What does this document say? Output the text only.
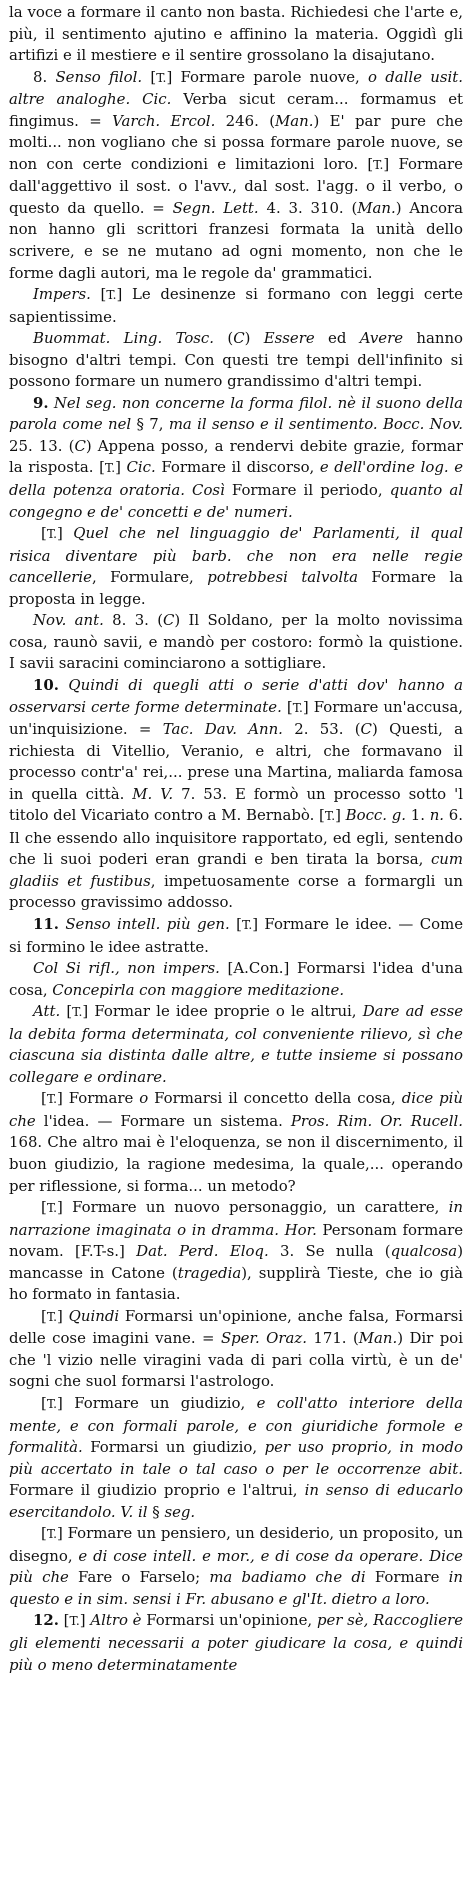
la voce a formare il canto non basta. Richiedesi che l'arte e, più, il sentimento ajutino e affinino la materia. Oggidì gli artifizi e il mestiere e il sentire grossolano la disajutano.

8. Senso filol. [T.] Formare parole nuove, o dalle usit. altre analoghe. Cic. Verba sicut ceram... formamus et fingimus. = Varch. Ercol. 246. (Man.) E' par pure che molti... non vogliano che si possa formare parole nuove, se non con certe condizioni e limitazioni loro. [T.] Formare dall'aggettivo il sost. o l'avv., dal sost. l'agg. o il verbo, o questo da quello. = Segn. Lett. 4. 3. 310. (Man.) Ancora non hanno gli scrittori franzesi formata la unità dello scrivere, e se ne mutano ad ogni momento, non che le forme dagli autori, ma le regole da' grammatici.

Impers. [T.] Le desinenze si formano con leggi certe sapientissime.

Buommat. Ling. Tosc. (C) Essere ed Avere hanno bisogno d'altri tempi. Con questi tre tempi dell'infinito si possono formare un numero grandissimo d'altri tempi.

9. Nel seg. non concerne la forma filol. nè il suono della parola come nel § 7, ma il senso e il sentimento. Bocc. Nov. 25. 13. (C) Appena posso, a rendervi debite grazie, formar la risposta. [T.] Cic. Formare il discorso, e dell'ordine log. e della potenza oratoria. Così Formare il periodo, quanto al congegno e de' concetti e de' numeri.

[T.] Quel che nel linguaggio de' Parlamenti, il qual risica diventare più barb. che non era nelle regie cancellerie, Formulare, potrebbesi talvolta Formare la proposta in legge.

Nov. ant. 8. 3. (C) Il Soldano, per la molto novissima cosa, raunò savii, e mandò per costoro: formò la quistione. I savii saracini cominciarono a sottigliare.

10. Quindi di quegli atti o serie d'atti dov' hanno a osservarsi certe forme determinate. [T.] Formare un'accusa, un'inquisizione. = Tac. Dav. Ann. 2. 53. (C) Questi, a richiesta di Vitellio, Veranio, e altri, che formavano il processo contr'a' rei,... prese una Martina, maliarda famosa in quella città. M. V. 7. 53. E formò un processo sotto 'l titolo del Vicariato contro a M. Bernabò. [T.] Bocc. g. 1. n. 6. Il che essendo allo inquisitore rapportato, ed egli, sentendo che li suoi poderi eran grandi e ben tirata la borsa, cum gladiis et fustibus, impetuosamente corse a formargli un processo gravissimo addosso.

11. Senso intell. più gen. [T.] Formare le idee. — Come si formino le idee astratte.

Col Si rifl., non impers. [A.Con.] Formarsi l'idea d'una cosa, Concepirla con maggiore meditazione.

Att. [T.] Formar le idee proprie o le altrui, Dare ad esse la debita forma determinata, col conveniente rilievo, sì che ciascuna sia distinta dalle altre, e tutte insieme si possano collegare e ordinare.

[T.] Formare o Formarsi il concetto della cosa, dice più che l'idea. — Formare un sistema. Pros. Rim. Or. Rucell. 168. Che altro mai è l'eloquenza, se non il discernimento, il buon giudizio, la ragione medesima, la quale,... operando per riflessione, si forma... un metodo?

[T.] Formare un nuovo personaggio, un carattere, in narrazione imaginata o in dramma. Hor. Personam formare novam. [F.T-s.] Dat. Perd. Eloq. 3. Se nulla (qualcosa) mancasse in Catone (tragedia), supplirà Tieste, che io già ho formato in fantasia.

[T.] Quindi Formarsi un'opinione, anche falsa, Formarsi delle cose imagini vane. = Sper. Oraz. 171. (Man.) Dir poi che 'l vizio nelle viragini vada di pari colla virtù, è un de' sogni che suol formarsi l'astrologo.

[T.] Formare un giudizio, e coll'atto interiore della mente, e con formali parole, e con giuridiche formole e formalità. Formarsi un giudizio, per uso proprio, in modo più accertato in tale o tal caso o per le occorrenze abit. Formare il giudizio proprio e l'altrui, in senso di educarlo esercitandolo. V. il § seg.

[T.] Formare un pensiero, un desiderio, un proposito, un disegno, e di cose intell. e mor., e di cose da operare. Dice più che Fare o Farselo; ma badiamo che di Formare in questo e in sim. sensi i Fr. abusano e gl'It. dietro a loro.

12. [T.] Altro è Formarsi un'opinione, per sè, Raccogliere gli elementi necessarii a poter giudicare la cosa, e quindi più o meno determinatamente
